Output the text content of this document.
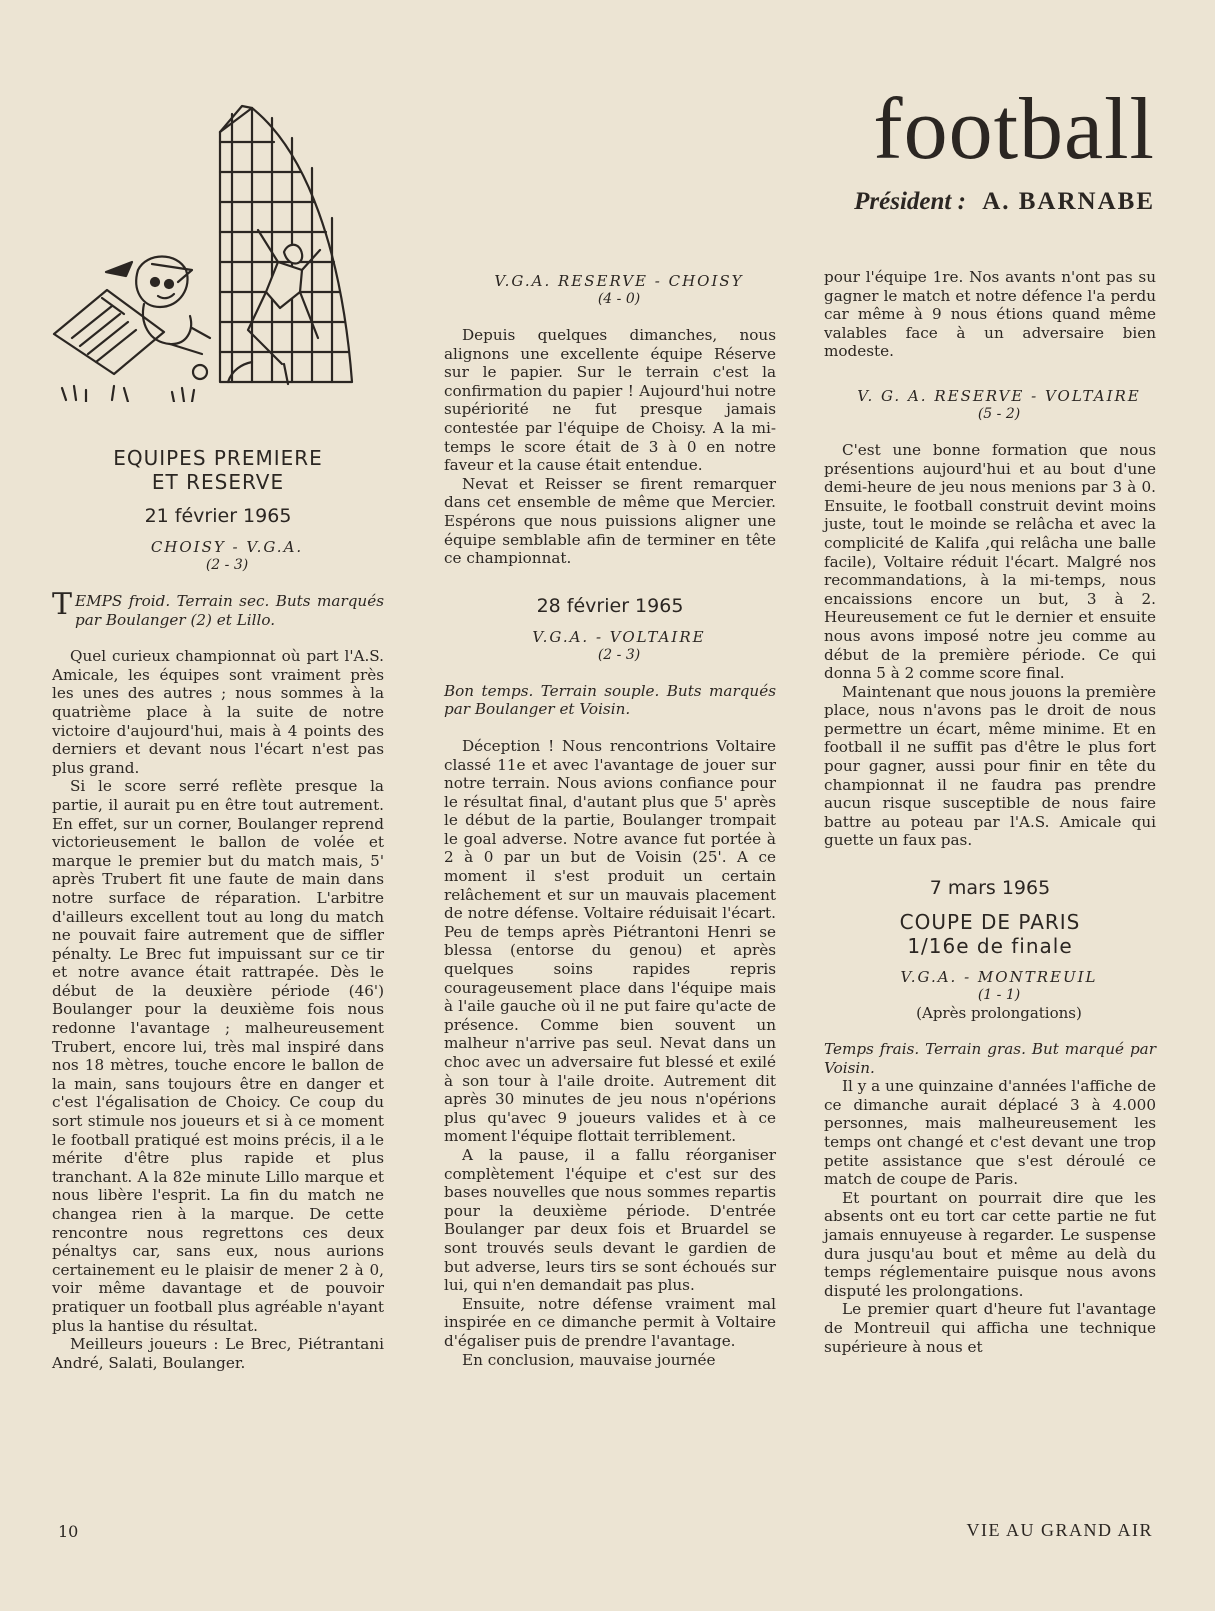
football

Président : A. BARNABE

EQUIPES PREMIERE
ET RESERVE
21 février 1965

CHOISY - V.G.A.

(2 - 3)

TEMPS froid. Terrain sec. Buts marqués par Boulanger (2) et Lillo.

Quel curieux championnat où part l'A.S. Amicale, les équipes sont vraiment près les unes des autres ; nous sommes à la quatrième place à la suite de notre victoire d'aujourd'hui, mais à 4 points des derniers et devant nous l'écart n'est pas plus grand.

Si le score serré reflète presque la partie, il aurait pu en être tout autrement. En effet, sur un corner, Boulanger reprend victorieusement le ballon de volée et marque le premier but du match mais, 5' après Trubert fit une faute de main dans notre surface de réparation. L'arbitre d'ailleurs excellent tout au long du match ne pouvait faire autrement que de siffler pénalty. Le Brec fut impuissant sur ce tir et notre avance était rattrapée. Dès le début de la deuxière période (46') Boulanger pour la deuxième fois nous redonne l'avantage ; malheureusement Trubert, encore lui, très mal inspiré dans nos 18 mètres, touche encore le ballon de la main, sans toujours être en danger et c'est l'égalisation de Choicy. Ce coup du sort stimule nos joueurs et si à ce moment le football pratiqué est moins précis, il a le mérite d'être plus rapide et plus tranchant. A la 82e minute Lillo marque et nous libère l'esprit. La fin du match ne changea rien à la marque. De cette rencontre nous regrettons ces deux pénaltys car, sans eux, nous aurions certainement eu le plaisir de mener 2 à 0, voir même davantage et de pouvoir pratiquer un football plus agréable n'ayant plus la hantise du résultat.

Meilleurs joueurs : Le Brec, Piétrantani André, Salati, Boulanger.

V.G.A. RESERVE - CHOISY

(4 - 0)

Depuis quelques dimanches, nous alignons une excellente équipe Réserve sur le papier. Sur le terrain c'est la confirmation du papier ! Aujourd'hui notre supériorité ne fut presque jamais contestée par l'équipe de Choisy. A la mi-temps le score était de 3 à 0 en notre faveur et la cause était entendue.

Nevat et Reisser se firent remarquer dans cet ensemble de même que Mercier. Espérons que nous puissions aligner une équipe semblable afin de terminer en tête ce championnat.

28 février 1965

V.G.A. - VOLTAIRE

(2 - 3)

Bon temps. Terrain souple. Buts marqués par Boulanger et Voisin.

Déception ! Nous rencontrions Voltaire classé 11e et avec l'avantage de jouer sur notre terrain. Nous avions confiance pour le résultat final, d'autant plus que 5' après le début de la partie, Boulanger trompait le goal adverse. Notre avance fut portée à 2 à 0 par un but de Voisin (25'. A ce moment il s'est produit un certain relâchement et sur un mauvais placement de notre défense. Voltaire réduisait l'écart. Peu de temps après Piétrantoni Henri se blessa (entorse du genou) et après quelques soins rapides repris courageusement place dans l'équipe mais à l'aile gauche où il ne put faire qu'acte de présence. Comme bien souvent un malheur n'arrive pas seul. Nevat dans un choc avec un adversaire fut blessé et exilé à son tour à l'aile droite. Autrement dit après 30 minutes de jeu nous n'opérions plus qu'avec 9 joueurs valides et à ce moment l'équipe flottait terriblement.

A la pause, il a fallu réorganiser complètement l'équipe et c'est sur des bases nouvelles que nous sommes repartis pour la deuxième période. D'entrée Boulanger par deux fois et Bruardel se sont trouvés seuls devant le gardien de but adverse, leurs tirs se sont échoués sur lui, qui n'en demandait pas plus.

Ensuite, notre défense vraiment mal inspirée en ce dimanche permit à Voltaire d'égaliser puis de prendre l'avantage.

En conclusion, mauvaise journée

pour l'équipe 1re. Nos avants n'ont pas su gagner le match et notre défence l'a perdu car même à 9 nous étions quand même valables face à un adversaire bien modeste.

V. G. A. RESERVE - VOLTAIRE

(5 - 2)

C'est une bonne formation que nous présentions aujourd'hui et au bout d'une demi-heure de jeu nous menions par 3 à 0. Ensuite, le football construit devint moins juste, tout le moinde se relâcha et avec la complicité de Kalifa ,qui relâcha une balle facile), Voltaire réduit l'écart. Malgré nos recommandations, à la mi-temps, nous encaissions encore un but, 3 à 2. Heureusement ce fut le dernier et ensuite nous avons imposé notre jeu comme au début de la première période. Ce qui donna 5 à 2 comme score final.

Maintenant que nous jouons la première place, nous n'avons pas le droit de nous permettre un écart, même minime. Et en football il ne suffit pas d'être le plus fort pour gagner, aussi pour finir en tête du championnat il ne faudra pas prendre aucun risque susceptible de nous faire battre au poteau par l'A.S. Amicale qui guette un faux pas.

7 mars 1965
COUPE DE PARIS
1/16e de finale

V.G.A. - MONTREUIL

(1 - 1)

(Après prolongations)

Temps frais. Terrain gras. But marqué par Voisin.

Il y a une quinzaine d'années l'affiche de ce dimanche aurait déplacé 3 à 4.000 personnes, mais malheureusement les temps ont changé et c'est devant une trop petite assistance que s'est déroulé ce match de coupe de Paris.

Et pourtant on pourrait dire que les absents ont eu tort car cette partie ne fut jamais ennuyeuse à regarder. Le suspense dura jusqu'au bout et même au delà du temps réglementaire puisque nous avons disputé les prolongations.

Le premier quart d'heure fut l'avantage de Montreuil qui afficha une technique supérieure à nous et

10	VIE AU GRAND AIR
